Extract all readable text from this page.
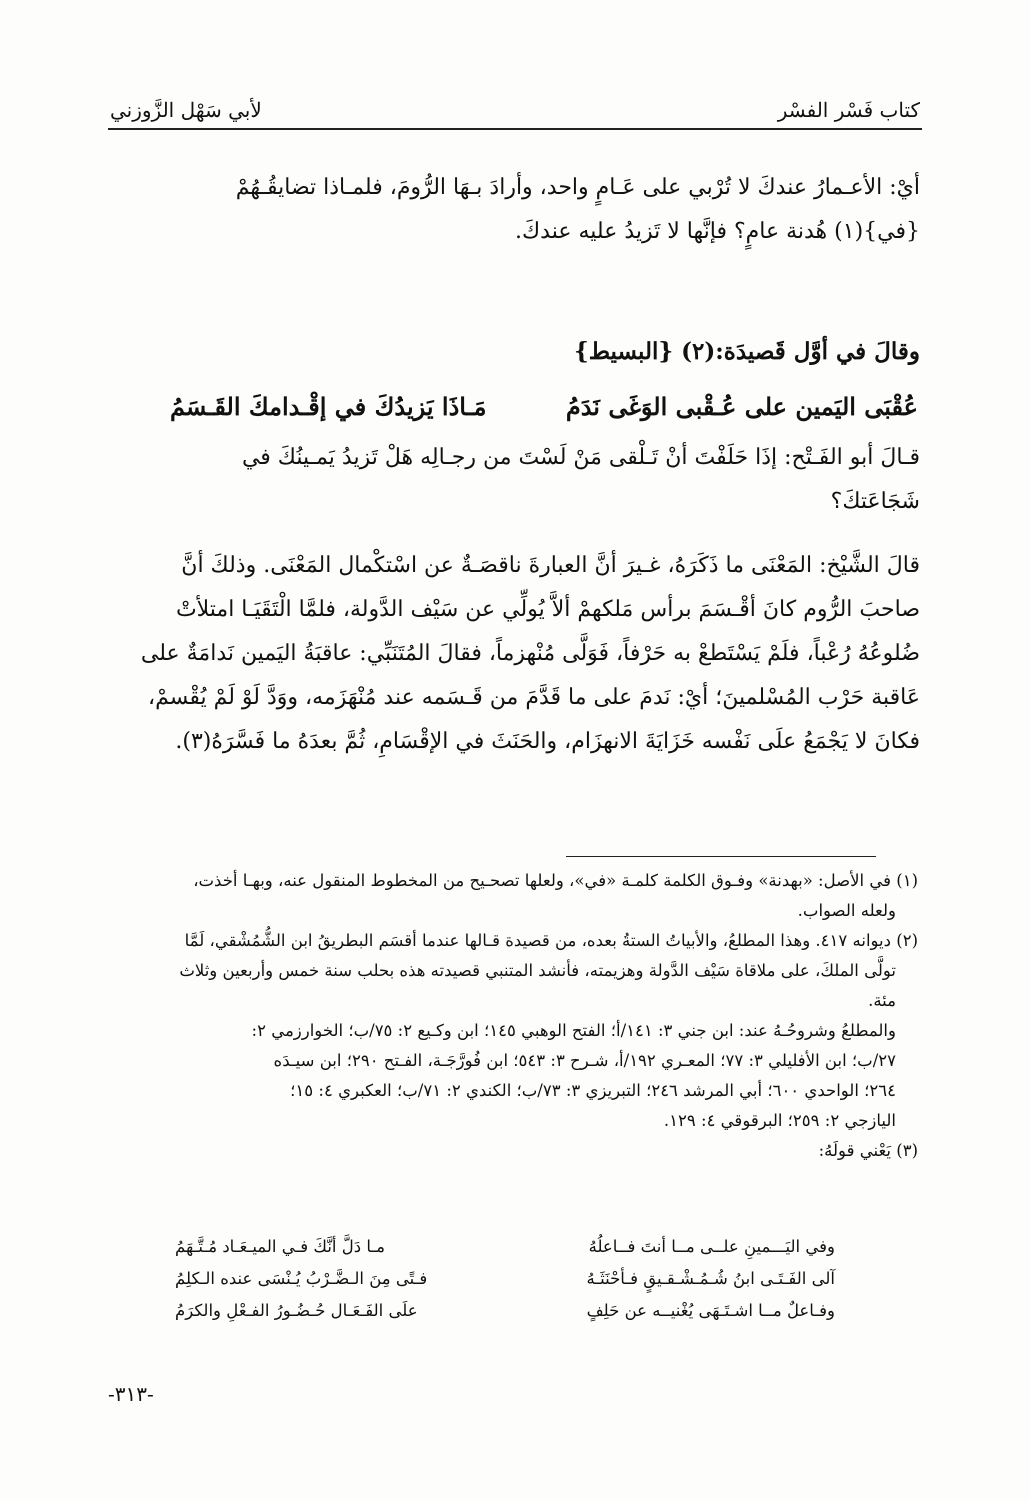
كتاب فَسْر الفسْر
لأبي سَهْل الزَّوزني

أيْ: الأعـمارُ عندكَ لا تُرْبي على عَـامٍ واحد، وأرادَ بـهَا الرُّومَ، فلمـاذا تضايقُـهُمْ

{في}(١) هُدنة عامٍ؟ فإنَّها لا تَزيدُ عليه عندكَ.

وقالَ في أوَّل قَصيدَة:(٢) {البسيط}

عُقْبَى اليَمين على عُـقْبى الوَغَى نَدَمُ
مَـاذَا يَزيدُكَ في إقْـدامكَ القَـسَمُ

قـالَ أبو الفَـتْح: إذَا حَلَفْتَ أنْ تَـلْقى مَنْ لَسْتَ من رجـالِه هَلْ تَزيدُ يَمـينُكَ في

شَجَاعَتكَ؟

قالَ الشَّيْخ: المَعْنَى ما ذَكَرَهُ، غـيرَ أنَّ العبارةَ ناقصَـةٌ عن اسْتكْمال المَعْنَى. وذلكَ أنَّ

صاحبَ الرُّوم كانَ أقْـسَمَ برأس مَلكهمْ ألاَّ يُولِّي عن سَيْف الدَّولة، فلمَّا الْتَقَيَـا امتلأتْ

ضُلوعُهُ رُعْباً، فلَمْ يَسْتَطعْ به حَرْفاً، فَوَلَّى مُنْهزماً، فقالَ المُتَنَبِّي: عاقبَةُ اليَمين نَدامَةٌ على

عَاقبة حَرْب المُسْلمينَ؛ أيْ: نَدمَ على ما قَدَّمَ من قَـسَمه عند مُنْهَزَمه، ووَدَّ لَوْ لَمْ يُقْسمْ،

فكانَ لا يَجْمَعُ علَى نَفْسه خَزَايَةَ الانهزَام، والحَنَثَ في الإقْسَامِ، ثُمَّ بعدَهُ ما فَسَّرَهُ(٣).

(١) في الأصل: «بهدنة» وفـوق الكلمة كلمـة «في»، ولعلها تصحـيح من المخطوط المنقول عنه، وبهـا أخذت،

ولعله الصواب.

(٢) ديوانه ٤١٧. وهذا المطلعُ، والأبياتُ الستةُ بعده، من قصيدة قـالها عندما أقسَم البطريقُ ابن الشُّمُشْقي، لَمَّا

تولَّى الملكَ، على ملاقاة سَيْف الدَّولة وهزيمته، فأنشد المتنبي قصيدته هذه بحلب سنة خمس وأربعين وثلاث

مئة.

والمطلعُ وشروحُـهُ عند: ابن جني ٣: ١٤١/أ؛ الفتح الوهبي ١٤٥؛ ابن وكـيع ٢: ٧٥/ب؛ الخوارزمي ٢:

٢٧/ب؛ ابن الأفليلي ٣: ٧٧؛ المعـري ١٩٢/أ، شـرح ٣: ٥٤٣؛ ابن فُورَّجَـة، الفـتح ٢٩٠؛ ابن سيـدَه

٢٦٤؛ الواحدي ٦٠٠؛ أبي المرشد ٢٤٦؛ التبريزي ٣: ٧٣/ب؛ الكندي ٢: ٧١/ب؛ العكبري ٤: ١٥؛

اليازجي ٢: ٢٥٩؛ البرقوقي ٤: ١٢٩.

(٣) يَعْني قولَهُ:

وفي اليَـــمينِ علــى مــا أنتَ فــاعلُهُ
مـا دَلَّ أنَّكَ فـي الميـعَـاد مُـتَّـهَمُ
آلى الفَـتَـى ابنُ شُـمُـشْـقـيقٍ فـأحْنَثَـهُ
فـتًى مِنَ الـضَّـرْبُ يُـنْسَى عنده الـكلِمُ
وفـاعلٌ مــا اشـتَـهَى يُغْنيــه عن حَلِفٍ
علَى الفَـعَـال حُـضُـورُ الفـعْلِ والكرَمُ
-٣١٣-
